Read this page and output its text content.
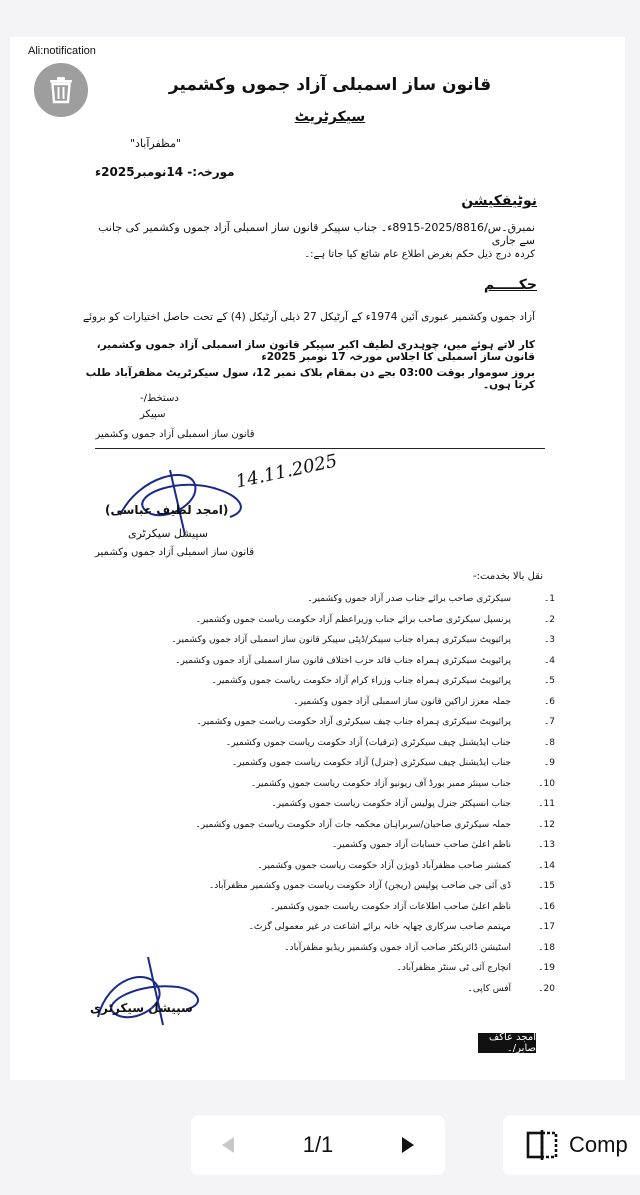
Ali:notification
قانون ساز اسمبلی آزاد جموں وکشمیر
سیکرٹریٹ
"مظفرآباد"
مورخہ:- 14نومبر2025ء
نوٹیفکیشن
نمبرق۔س/2025/8816-8915ء۔ جناب سپیکر قانون ساز اسمبلی آزاد جموں وکشمیر کی جانب سے جاری
کردہ درج ذیل حکم بغرض اطلاع عام شائع کیا جاتا ہے:۔
حکـــــم
آزاد جموں وکشمیر عبوری آئین 1974ء کے آرٹیکل 27 ذیلی آرٹیکل (4) کے تحت حاصل اختیارات کو بروئے
کار لاتے ہوئے میں، چوہدری لطیف اکبر سپیکر قانون ساز اسمبلی آزاد جموں وکشمیر، قانون ساز اسمبلی کا اجلاس مورخہ 17 نومبر 2025ء
بروز سوموار بوقت 03:00 بجے دن بمقام بلاک نمبر 12، سول سیکرٹریٹ مظفرآباد طلب کرتا ہوں۔
دستخط/-
سپیکر
قانون ساز اسمبلی آزاد جموں وکشمیر
14.11.2025
(امجد لطیف عباسی)
سپیشل سیکرٹری
قانون ساز اسمبلی آزاد جموں وکشمیر
نقل بالا بخدمت:-
1۔
سیکرٹری صاحب برائے جناب صدر آزاد جموں وکشمیر۔
2۔
پرنسپل سیکرٹری صاحب برائے جناب وزیراعظم آزاد حکومت ریاست جموں وکشمیر۔
3۔
پرائیویٹ سیکرٹری ہمراہ جناب سپیکر/ڈپٹی سپیکر قانون ساز اسمبلی آزاد جموں وکشمیر۔
4۔
پرائیویٹ سیکرٹری ہمراہ جناب قائد حزب اختلاف قانون ساز اسمبلی آزاد جموں وکشمیر۔
5۔
پرائیویٹ سیکرٹری ہمراہ جناب وزراء کرام آزاد حکومت ریاست جموں وکشمیر۔
6۔
جملہ معزز اراکین قانون ساز اسمبلی آزاد جموں وکشمیر۔
7۔
پرائیویٹ سیکرٹری ہمراہ جناب چیف سیکرٹری آزاد حکومت ریاست جموں وکشمیر۔
8۔
جناب ایڈیشنل چیف سیکرٹری (ترقیات) آزاد حکومت ریاست جموں وکشمیر۔
9۔
جناب ایڈیشنل چیف سیکرٹری (جنرل) آزاد حکومت ریاست جموں وکشمیر۔
10۔
جناب سینئر ممبر بورڈ آف ریونیو آزاد حکومت ریاست جموں وکشمیر۔
11۔
جناب انسپکٹر جنرل پولیس آزاد حکومت ریاست جموں وکشمیر۔
12۔
جملہ سیکرٹری صاحبان/سربراہان محکمہ جات آزاد حکومت ریاست جموں وکشمیر۔
13۔
ناظم اعلیٰ صاحب حسابات آزاد جموں وکشمیر۔
14۔
کمشنر صاحب مظفرآباد ڈویژن آزاد حکومت ریاست جموں وکشمیر۔
15۔
ڈی آئی جی صاحب پولیس (ریجن) آزاد حکومت ریاست جموں وکشمیر مظفرآباد۔
16۔
ناظم اعلیٰ صاحب اطلاعات آزاد حکومت ریاست جموں وکشمیر۔
17۔
مہتمم صاحب سرکاری چھاپہ خانہ برائے اشاعت در غیر معمولی گزٹ۔
18۔
اسٹیشن ڈائریکٹر صاحب آزاد جموں وکشمیر ریڈیو مظفرآباد۔
19۔
انچارج آئی ٹی سنٹر مظفرآباد۔
20۔
آفس کاپی۔
سپیشل سیکرٹری
امجد عاکف صابر/۔
1/1	Comp
